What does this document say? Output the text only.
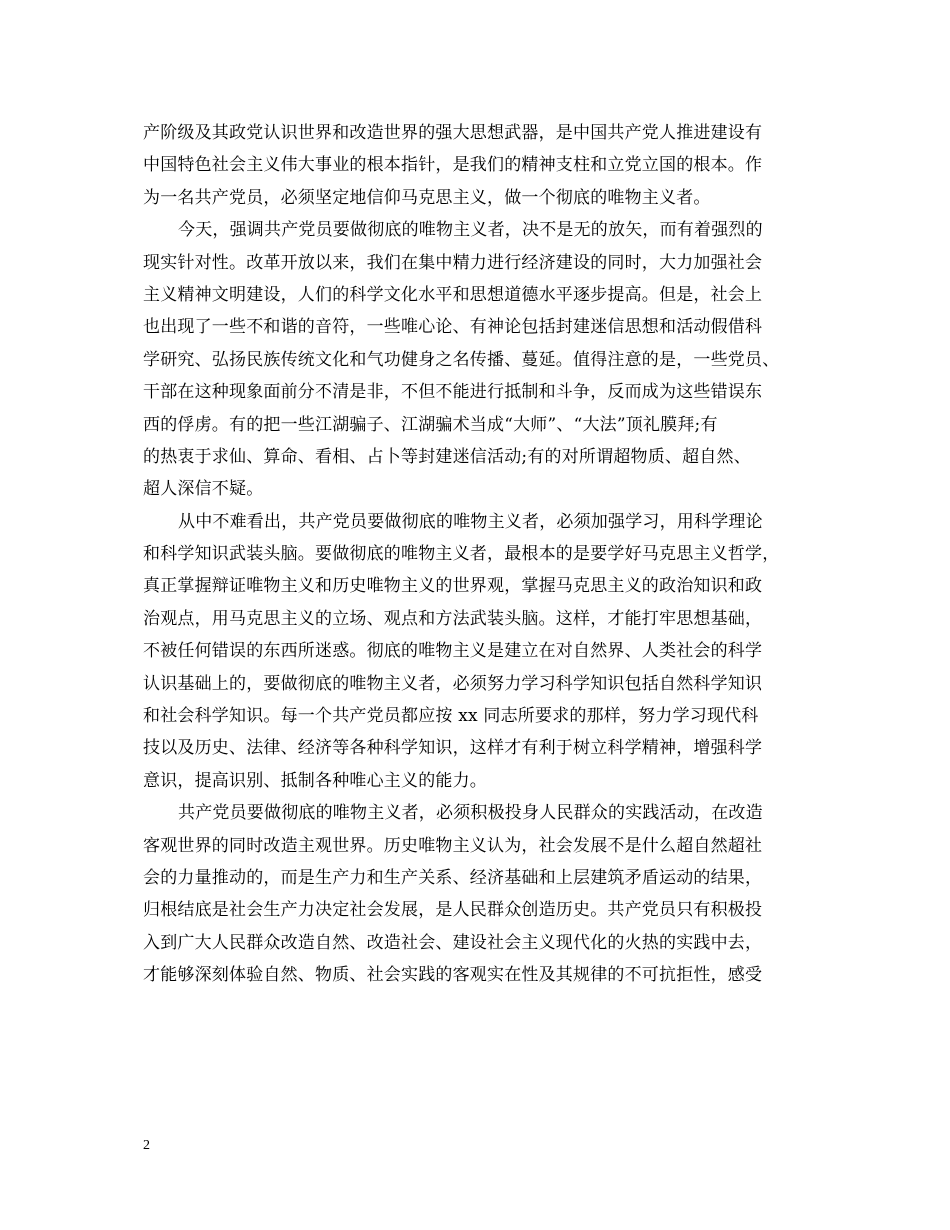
产阶级及其政党认识世界和改造世界的强大思想武器，是中国共产党人推进建设有
中国特色社会主义伟大事业的根本指针，是我们的精神支柱和立党立国的根本。作
为一名共产党员，必须坚定地信仰马克思主义，做一个彻底的唯物主义者。
今天，强调共产党员要做彻底的唯物主义者，决不是无的放矢，而有着强烈的
现实针对性。改革开放以来，我们在集中精力进行经济建设的同时，大力加强社会
主义精神文明建设，人们的科学文化水平和思想道德水平逐步提高。但是，社会上
也出现了一些不和谐的音符，一些唯心论、有神论包括封建迷信思想和活动假借科
学研究、弘扬民族传统文化和气功健身之名传播、蔓延。值得注意的是，一些党员、
干部在这种现象面前分不清是非，不但不能进行抵制和斗争，反而成为这些错误东
西的俘虏。有的把一些江湖骗子、江湖骗术当成“大师”、“大法”顶礼膜拜;有
的热衷于求仙、算命、看相、占卜等封建迷信活动;有的对所谓超物质、超自然、
超人深信不疑。
从中不难看出，共产党员要做彻底的唯物主义者，必须加强学习，用科学理论
和科学知识武装头脑。要做彻底的唯物主义者，最根本的是要学好马克思主义哲学，
真正掌握辩证唯物主义和历史唯物主义的世界观，掌握马克思主义的政治知识和政
治观点，用马克思主义的立场、观点和方法武装头脑。这样，才能打牢思想基础，
不被任何错误的东西所迷惑。彻底的唯物主义是建立在对自然界、人类社会的科学
认识基础上的，要做彻底的唯物主义者，必须努力学习科学知识包括自然科学知识
和社会科学知识。每一个共产党员都应按 xx 同志所要求的那样，努力学习现代科
技以及历史、法律、经济等各种科学知识，这样才有利于树立科学精神，增强科学
意识，提高识别、抵制各种唯心主义的能力。
共产党员要做彻底的唯物主义者，必须积极投身人民群众的实践活动，在改造
客观世界的同时改造主观世界。历史唯物主义认为，社会发展不是什么超自然超社
会的力量推动的，而是生产力和生产关系、经济基础和上层建筑矛盾运动的结果，
归根结底是社会生产力决定社会发展，是人民群众创造历史。共产党员只有积极投
入到广大人民群众改造自然、改造社会、建设社会主义现代化的火热的实践中去，
才能够深刻体验自然、物质、社会实践的客观实在性及其规律的不可抗拒性，感受
2
